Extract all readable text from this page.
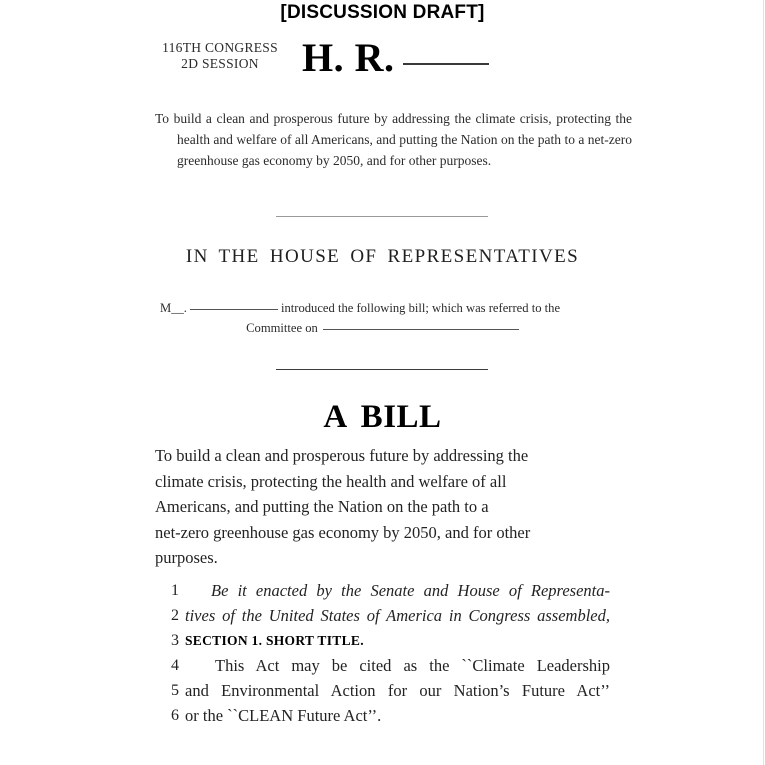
[DISCUSSION DRAFT]
116TH CONGRESS
2D SESSION	H. R.
To build a clean and prosperous future by addressing the climate crisis, protecting the health and welfare of all Americans, and putting the Nation on the path to a net-zero greenhouse gas economy by 2050, and for other purposes.
IN THE HOUSE OF REPRESENTATIVES
M__.	introduced the following bill; which was referred to the
Committee on
A BILL
To build a clean and prosperous future by addressing the
climate crisis, protecting the health and welfare of all
Americans, and putting the Nation on the path to a
net-zero greenhouse gas economy by 2050, and for other
purposes.
1	Be it enacted by the Senate and House of Representa-
2 tives of the United States of America in Congress assembled,
3 SECTION 1. SHORT TITLE.
4	This Act may be cited as the ``Climate Leadership
5 and Environmental Action for our Nation’s Future Act’’
6 or the ``CLEAN Future Act’’.
